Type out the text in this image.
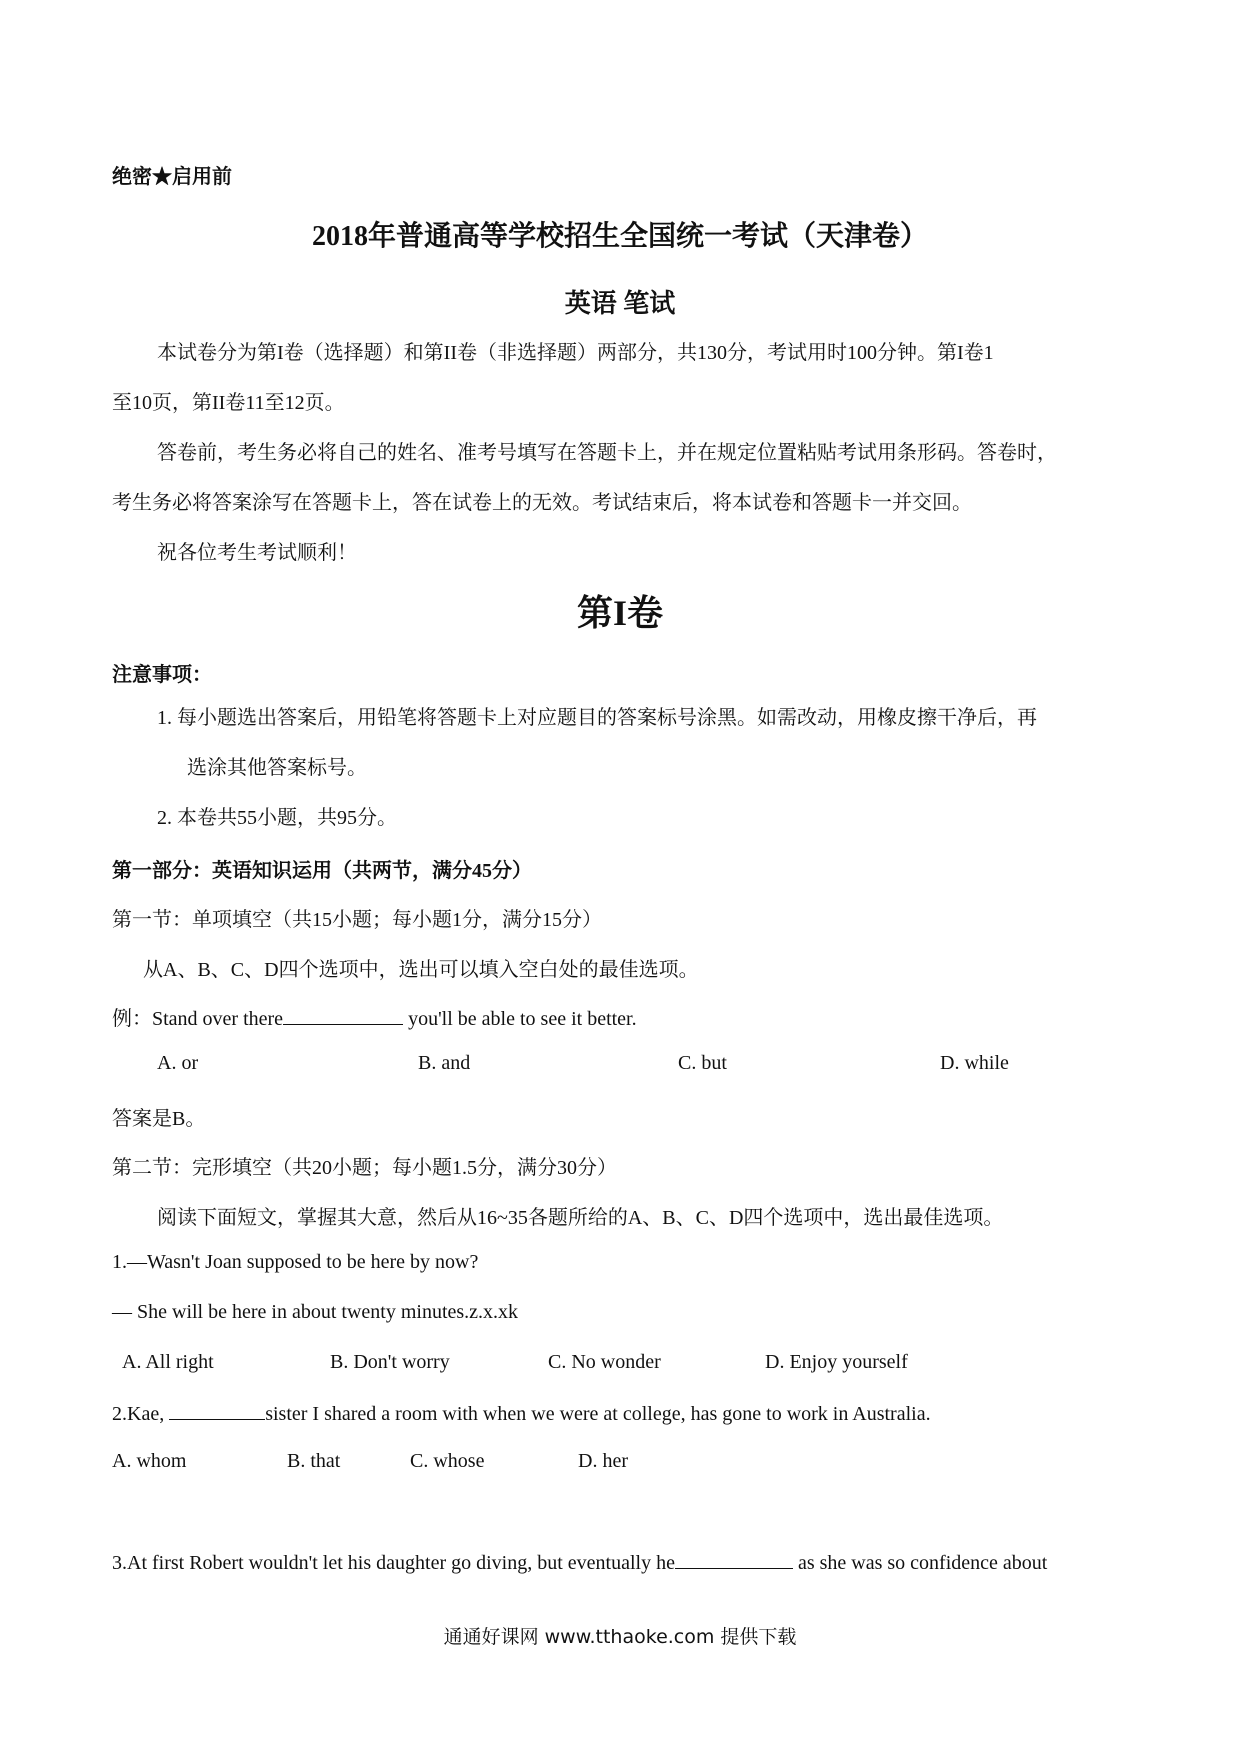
绝密★启用前
2018年普通高等学校招生全国统一考试（天津卷）
英语 笔试
本试卷分为第I卷（选择题）和第II卷（非选择题）两部分，共130分，考试用时100分钟。第I卷1
至10页，第II卷11至12页。
答卷前，考生务必将自己的姓名、准考号填写在答题卡上，并在规定位置粘贴考试用条形码。答卷时，
考生务必将答案涂写在答题卡上，答在试卷上的无效。考试结束后，将本试卷和答题卡一并交回。
祝各位考生考试顺利！
第I卷
注意事项：
1. 每小题选出答案后，用铅笔将答题卡上对应题目的答案标号涂黑。如需改动，用橡皮擦干净后，再
选涂其他答案标号。
2. 本卷共55小题，共95分。
第一部分：英语知识运用（共两节，满分45分）
第一节：单项填空（共15小题；每小题1分，满分15分）
从A、B、C、D四个选项中，选出可以填入空白处的最佳选项。
例：Stand over there	you'll be able to see it better.
A. or	B. and	C. but	D. while
答案是B。
第二节：完形填空（共20小题；每小题1.5分，满分30分）
阅读下面短文，掌握其大意，然后从16~35各题所给的A、B、C、D四个选项中，选出最佳选项。
1.—Wasn't Joan supposed to be here by now?
— She will be here in about twenty minutes.z.x.xk
A. All right	B. Don't worry	C. No wonder	D. Enjoy yourself
2.Kae,	sister I shared a room with when we were at college, has gone to work in Australia.
A. whom	B. that	C. whose	D. her
3.At first Robert wouldn't let his daughter go diving, but eventually he	as she was so confidence about
通通好课网 www.tthaoke.com 提供下载
